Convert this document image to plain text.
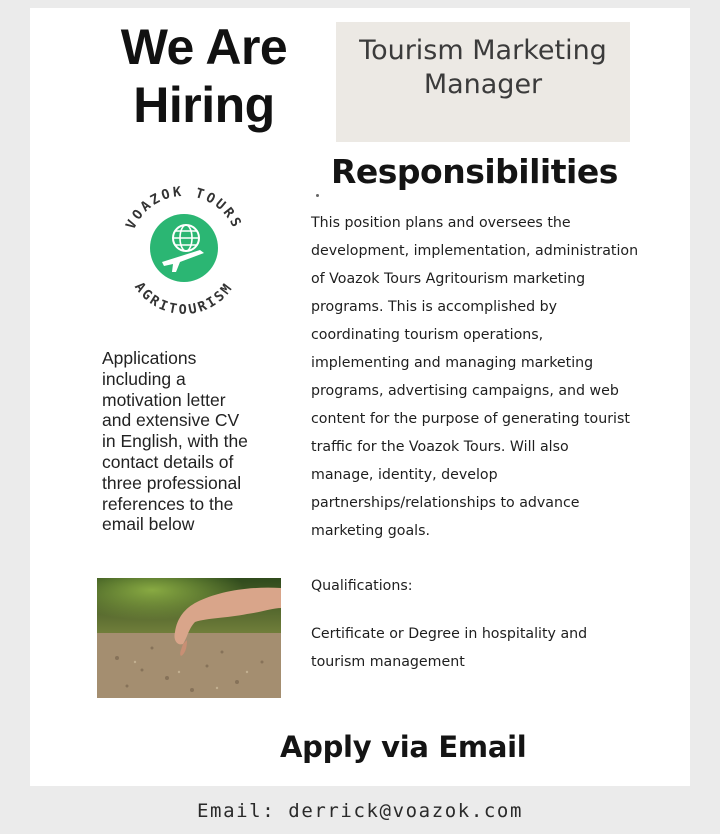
We Are
Hiring
Tourism Marketing Manager
Responsibilities
This position plans and oversees the
development, implementation, administration
of Voazok Tours Agritourism marketing
programs. This is accomplished by
coordinating tourism operations,
implementing and managing marketing
programs, advertising campaigns, and web
content for the purpose of generating tourist
traffic for the Voazok Tours. Will also
manage, identity, develop
partnerships/relationships to advance
marketing goals.
VOAZOK TOURS
AGRITOURISM
Applications
including a
motivation letter
and extensive CV
in English, with the
contact details of
three professional
references to the
email below
Qualifications:
Certificate or Degree in hospitality and
tourism management
Apply via Email
Email: derrick@voazok.com
